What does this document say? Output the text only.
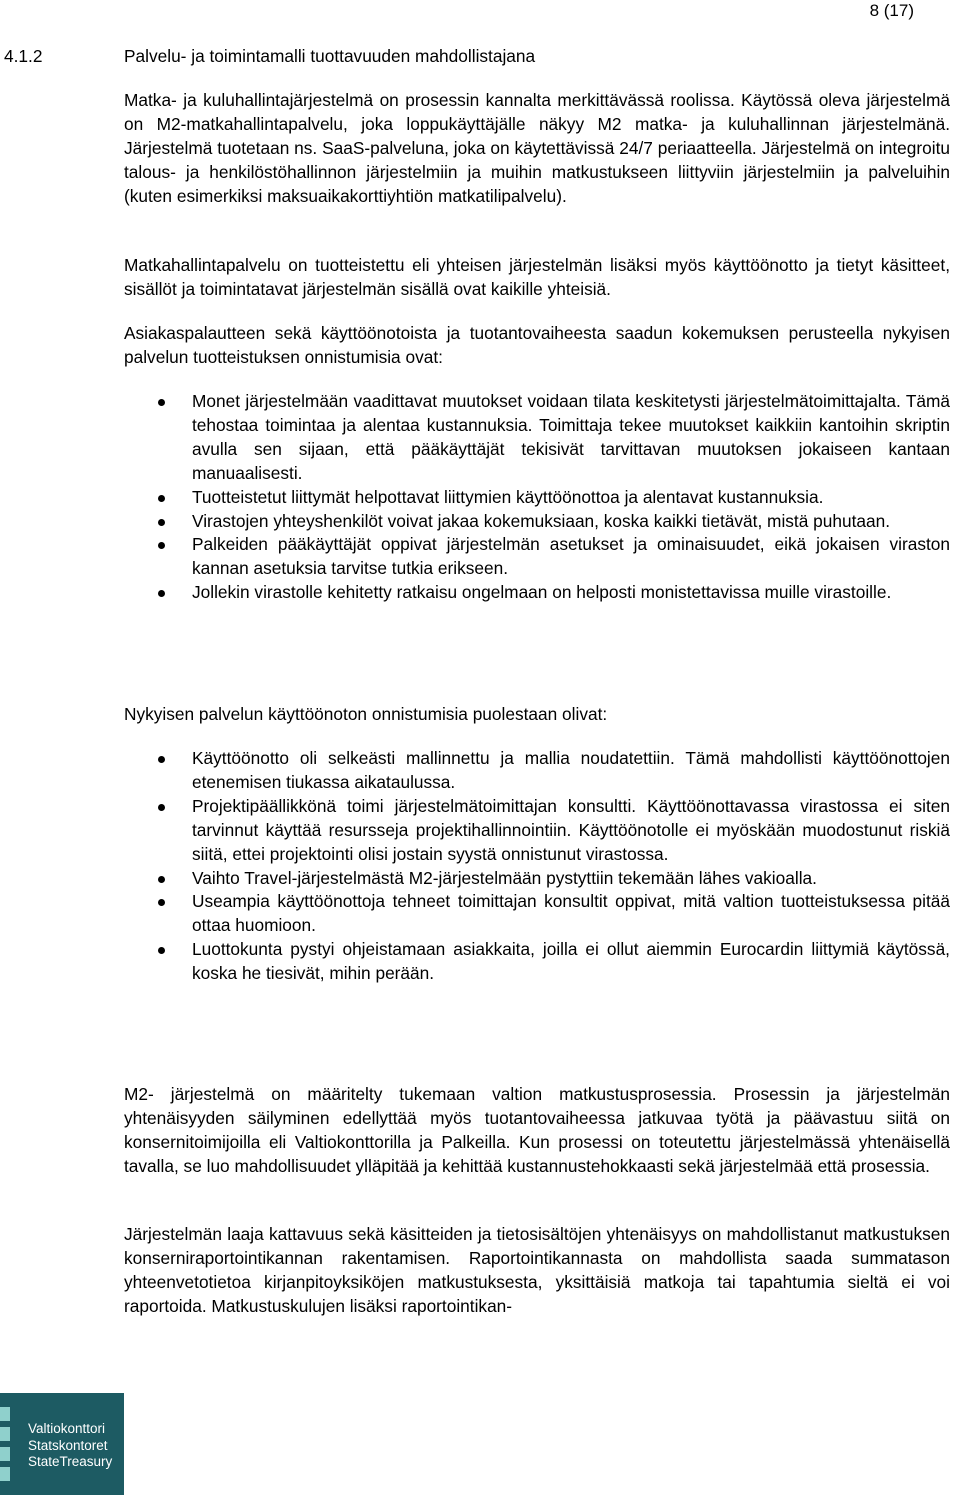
8 (17)
4.1.2	Palvelu- ja toimintamalli tuottavuuden mahdollistajana

Matka- ja kuluhallintajärjestelmä on prosessin kannalta merkittävässä roolissa. Käytössä oleva järjestelmä on M2-matkahallintapalvelu, joka loppukäyttäjälle näkyy M2 matka- ja kuluhallinnan järjestelmänä. Järjestelmä tuotetaan ns. SaaS-palveluna, joka on käytettävissä 24/7 periaatteella. Järjestelmä on integroitu talous- ja henkilöstöhallinnon järjestelmiin ja muihin matkustukseen liittyviin järjestelmiin ja palveluihin (kuten esimerkiksi maksuaikakorttiyhtiön matkatilipalvelu).

Matkahallintapalvelu on tuotteistettu eli yhteisen järjestelmän lisäksi myös käyttöönotto ja tietyt käsitteet, sisällöt ja toimintatavat järjestelmän sisällä ovat kaikille yhteisiä.

Asiakaspalautteen sekä käyttöönotoista ja tuotantovaiheesta saadun kokemuksen perusteella nykyisen palvelun tuotteistuksen onnistumisia ovat:

Monet järjestelmään vaadittavat muutokset voidaan tilata keskitetysti järjestelmätoimittajalta. Tämä tehostaa toimintaa ja alentaa kustannuksia. Toimittaja tekee muutokset kaikkiin kantoihin skriptin avulla sen sijaan, että pääkäyttäjät tekisivät tarvittavan muutoksen jokaiseen kantaan manuaalisesti.
Tuotteistetut liittymät helpottavat liittymien käyttöönottoa ja alentavat kustannuksia.
Virastojen yhteyshenkilöt voivat jakaa kokemuksiaan, koska kaikki tietävät, mistä puhutaan.
Palkeiden pääkäyttäjät oppivat järjestelmän asetukset ja ominaisuudet, eikä jokaisen viraston kannan asetuksia tarvitse tutkia erikseen.
Jollekin virastolle kehitetty ratkaisu ongelmaan on helposti monistettavissa muille virastoille.

Nykyisen palvelun käyttöönoton onnistumisia puolestaan olivat:

Käyttöönotto oli selkeästi mallinnettu ja mallia noudatettiin. Tämä mahdollisti käyttöönottojen etenemisen tiukassa aikataulussa.
Projektipäällikkönä toimi järjestelmätoimittajan konsultti. Käyttöönottavassa virastossa ei siten tarvinnut käyttää resursseja projektihallinnointiin. Käyttöönotolle ei myöskään muodostunut riskiä siitä, ettei projektointi olisi jostain syystä onnistunut virastossa.
Vaihto Travel-järjestelmästä M2-järjestelmään pystyttiin tekemään lähes vakioalla.
Useampia käyttöönottoja tehneet toimittajan konsultit oppivat, mitä valtion tuotteistuksessa pitää ottaa huomioon.
Luottokunta pystyi ohjeistamaan asiakkaita, joilla ei ollut aiemmin Eurocardin liittymiä käytössä, koska he tiesivät, mihin perään.

M2- järjestelmä on määritelty tukemaan valtion matkustusprosessia. Prosessin ja järjestelmän yhtenäisyyden säilyminen edellyttää myös tuotantovaiheessa jatkuvaa työtä ja päävastuu siitä on konsernitoimijoilla eli Valtiokonttorilla ja Palkeilla. Kun prosessi on toteutettu järjestelmässä yhtenäisellä tavalla, se luo mahdollisuudet ylläpitää ja kehittää kustannustehokkaasti sekä järjestelmää että prosessia.

Järjestelmän laaja kattavuus sekä käsitteiden ja tietosisältöjen yhtenäisyys on mahdollistanut matkustuksen konserniraportointikannan rakentamisen. Raportointikannasta on mahdollista saada summatason yhteenvetotietoa kirjanpitoyksiköjen matkustuksesta, yksittäisiä matkoja tai tapahtumia sieltä ei voi raportoida. Matkustuskulujen lisäksi raportointikan-

Valtiokonttori
Statskontoret
StateTreasury
